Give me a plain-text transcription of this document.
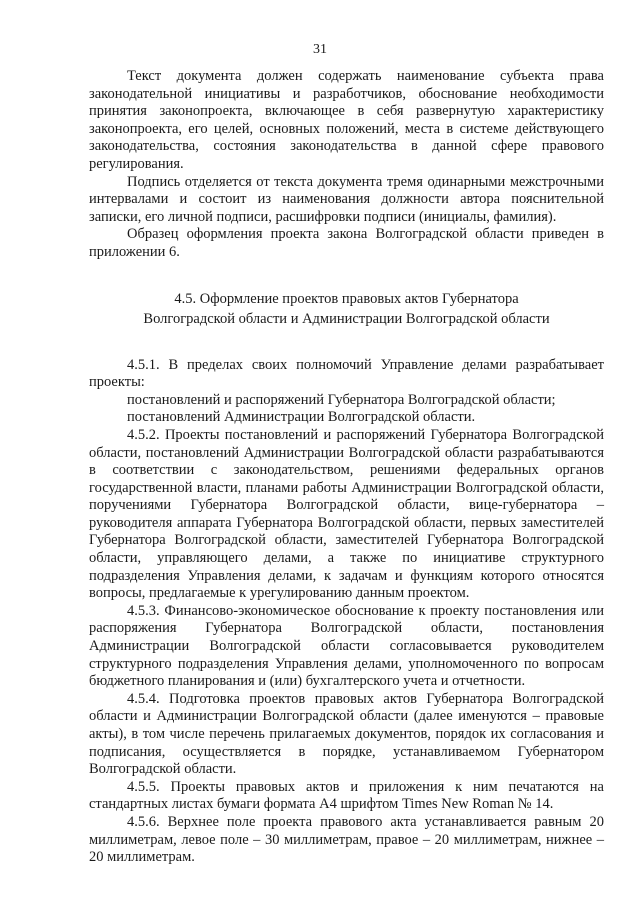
31

Текст документа должен содержать наименование субъекта права законодательной инициативы и разработчиков, обоснование необходимости принятия законопроекта, включающее в себя развернутую характеристику законопроекта, его целей, основных положений, места в системе действующего законодательства, состояния законодательства в данной сфере правового регулирования.

Подпись отделяется от текста документа тремя одинарными межстрочными интервалами и состоит из наименования должности автора пояснительной записки, его личной подписи, расшифровки подписи (инициалы, фамилия).

Образец оформления проекта закона Волгоградской области приведен в приложении 6.

4.5. Оформление проектов правовых актов Губернатора
Волгоградской области и Администрации Волгоградской области

4.5.1. В пределах своих полномочий Управление делами разрабатывает проекты:

постановлений и распоряжений Губернатора Волгоградской области;

постановлений Администрации Волгоградской области.

4.5.2. Проекты постановлений и распоряжений Губернатора Волгоградской области, постановлений Администрации Волгоградской области разрабатываются в соответствии с законодательством, решениями федеральных органов государственной власти, планами работы Администрации Волгоградской области, поручениями Губернатора Волгоградской области, вице-губернатора – руководителя аппарата Губернатора Волгоградской области, первых заместителей Губернатора Волгоградской области, заместителей Губернатора Волгоградской области, управляющего делами, а также по инициативе структурного подразделения Управления делами, к задачам и функциям которого относятся вопросы, предлагаемые к урегулированию данным проектом.

4.5.3. Финансово-экономическое обоснование к проекту постановления или распоряжения Губернатора Волгоградской области, постановления Администрации Волгоградской области согласовывается руководителем структурного подразделения Управления делами, уполномоченного по вопросам бюджетного планирования и (или) бухгалтерского учета и отчетности.

4.5.4. Подготовка проектов правовых актов Губернатора Волгоградской области и Администрации Волгоградской области (далее именуются – правовые акты), в том числе перечень прилагаемых документов, порядок их согласования и подписания, осуществляется в порядке, устанавливаемом Губернатором Волгоградской области.

4.5.5. Проекты правовых актов и приложения к ним печатаются на стандартных листах бумаги формата А4 шрифтом Times New Roman № 14.

4.5.6. Верхнее поле проекта правового акта устанавливается равным 20 миллиметрам, левое поле – 30 миллиметрам, правое – 20 миллиметрам, нижнее – 20 миллиметрам.
